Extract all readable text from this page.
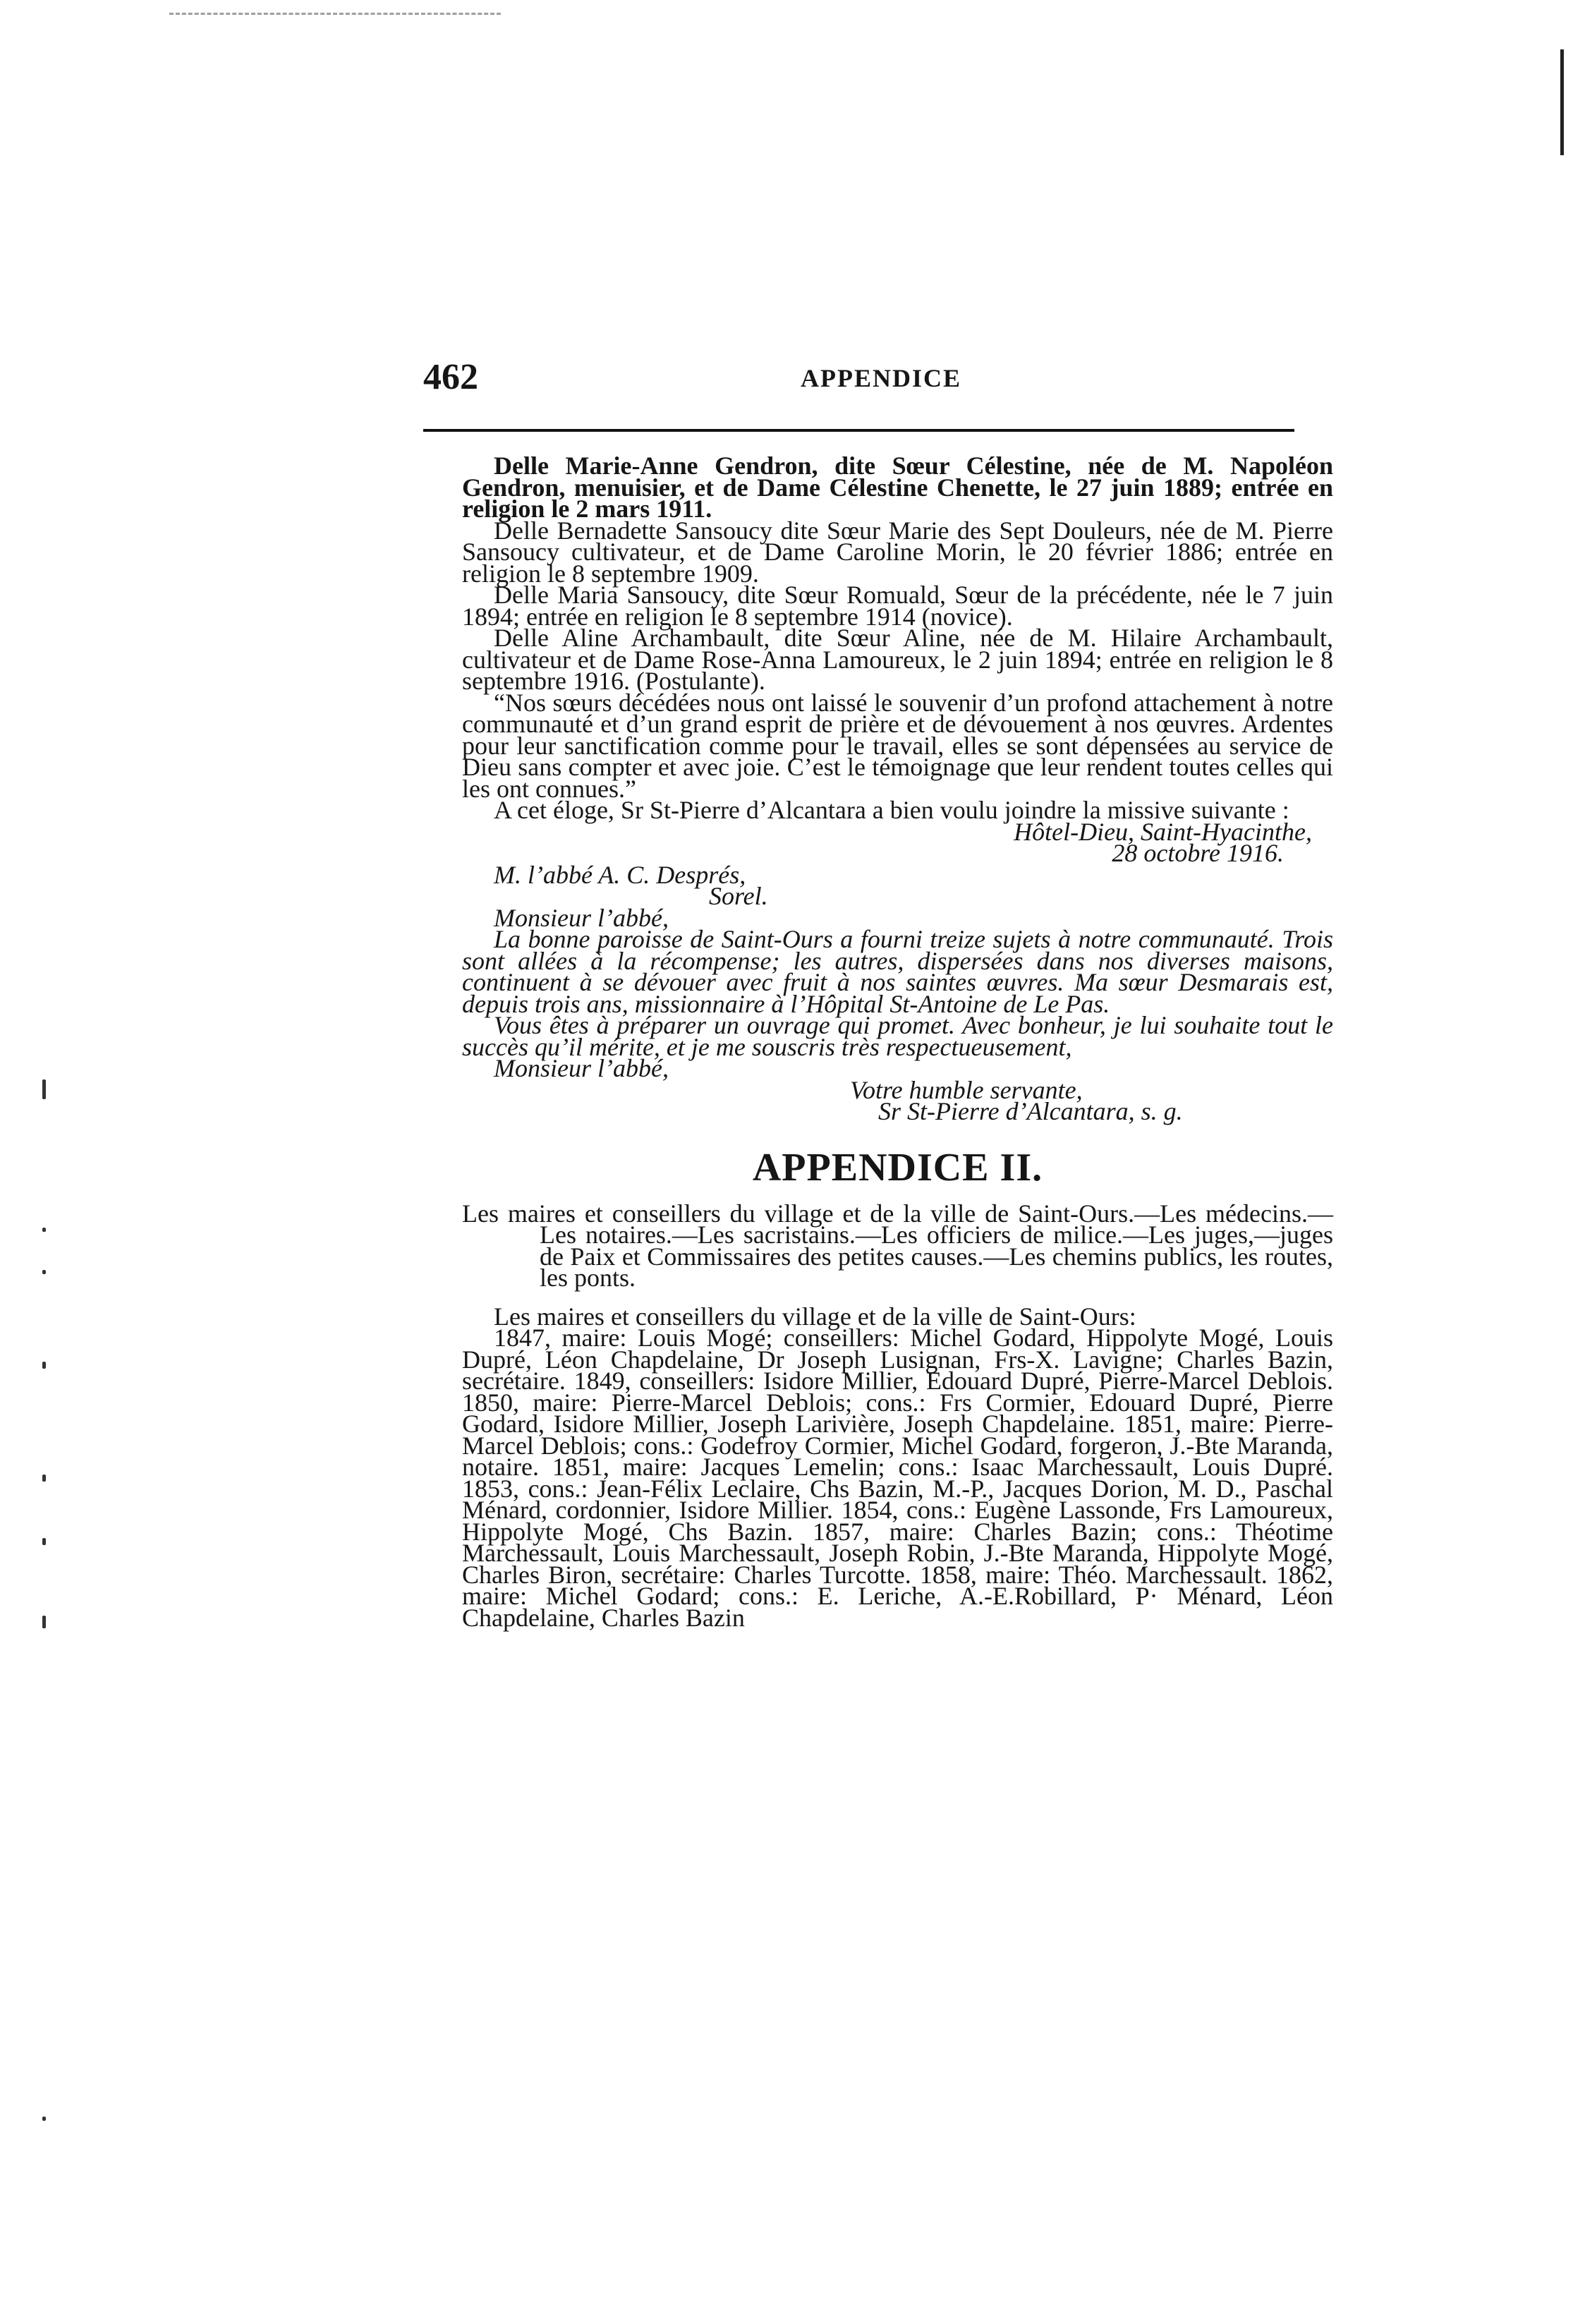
462	APPENDICE

Delle Marie-Anne Gendron, dite Sœur Célestine, née de M. Napoléon Gendron, menuisier, et de Dame Célestine Chenette, le 27 juin 1889; entrée en religion le 2 mars 1911.

Delle Bernadette Sansoucy dite Sœur Marie des Sept Douleurs, née de M. Pierre Sansoucy cultivateur, et de Dame Caroline Morin, le 20 février 1886; entrée en religion le 8 septembre 1909.

Delle Maria Sansoucy, dite Sœur Romuald, Sœur de la précédente, née le 7 juin 1894; entrée en religion le 8 septembre 1914 (novice).

Delle Aline Archambault, dite Sœur Aline, née de M. Hilaire Archambault, cultivateur et de Dame Rose-Anna Lamoureux, le 2 juin 1894; entrée en religion le 8 septembre 1916. (Postulante).

“Nos sœurs décédées nous ont laissé le souvenir d’un profond attachement à notre communauté et d’un grand esprit de prière et de dévouement à nos œuvres. Ardentes pour leur sanctification comme pour le travail, elles se sont dépensées au service de Dieu sans compter et avec joie. C’est le témoignage que leur rendent toutes celles qui les ont connues.”

A cet éloge, Sr St-Pierre d’Alcantara a bien voulu joindre la missive suivante :

Hôtel-Dieu, Saint-Hyacinthe,

28 octobre 1916.

M. l’abbé A. C. Després,

Sorel.

Monsieur l’abbé,

La bonne paroisse de Saint-Ours a fourni treize sujets à notre communauté. Trois sont allées à la récompense; les autres, dispersées dans nos diverses maisons, continuent à se dévouer avec fruit à nos saintes œuvres. Ma sœur Desmarais est, depuis trois ans, missionnaire à l’Hôpital St-Antoine de Le Pas.

Vous êtes à préparer un ouvrage qui promet. Avec bonheur, je lui souhaite tout le succès qu’il mérite, et je me souscris très respectueusement,

Monsieur l’abbé,

Votre humble servante,

Sr St-Pierre d’Alcantara, s. g.

APPENDICE II.

Les maires et conseillers du village et de la ville de Saint-Ours.—Les médecins.—Les notaires.—Les sacristains.—Les officiers de milice.—Les juges,—juges de Paix et Commissaires des petites causes.—Les chemins publics, les routes, les ponts.

Les maires et conseillers du village et de la ville de Saint-Ours:

1847, maire: Louis Mogé; conseillers: Michel Godard, Hippolyte Mogé, Louis Dupré, Léon Chapdelaine, Dr Joseph Lusignan, Frs-X. Lavigne; Charles Bazin, secrétaire. 1849, conseillers: Isidore Millier, Edouard Dupré, Pierre-Marcel Deblois. 1850, maire: Pierre-Marcel Deblois; cons.: Frs Cormier, Edouard Dupré, Pierre Godard, Isidore Millier, Joseph Larivière, Joseph Chapdelaine. 1851, maire: Pierre-Marcel Deblois; cons.: Godefroy Cormier, Michel Godard, forgeron, J.-Bte Maranda, notaire. 1851, maire: Jacques Lemelin; cons.: Isaac Marchessault, Louis Dupré. 1853, cons.: Jean-Félix Leclaire, Chs Bazin, M.-P., Jacques Dorion, M. D., Paschal Ménard, cordonnier, Isidore Millier. 1854, cons.: Eugène Lassonde, Frs Lamoureux, Hippolyte Mogé, Chs Bazin. 1857, maire: Charles Bazin; cons.: Théotime Marchessault, Louis Marchessault, Joseph Robin, J.-Bte Maranda, Hippolyte Mogé, Charles Biron, secrétaire: Charles Turcotte. 1858, maire: Théo. Marchessault. 1862, maire: Michel Godard; cons.: E. Leriche, A.-E.Robillard, P· Ménard, Léon Chapdelaine, Charles Bazin
